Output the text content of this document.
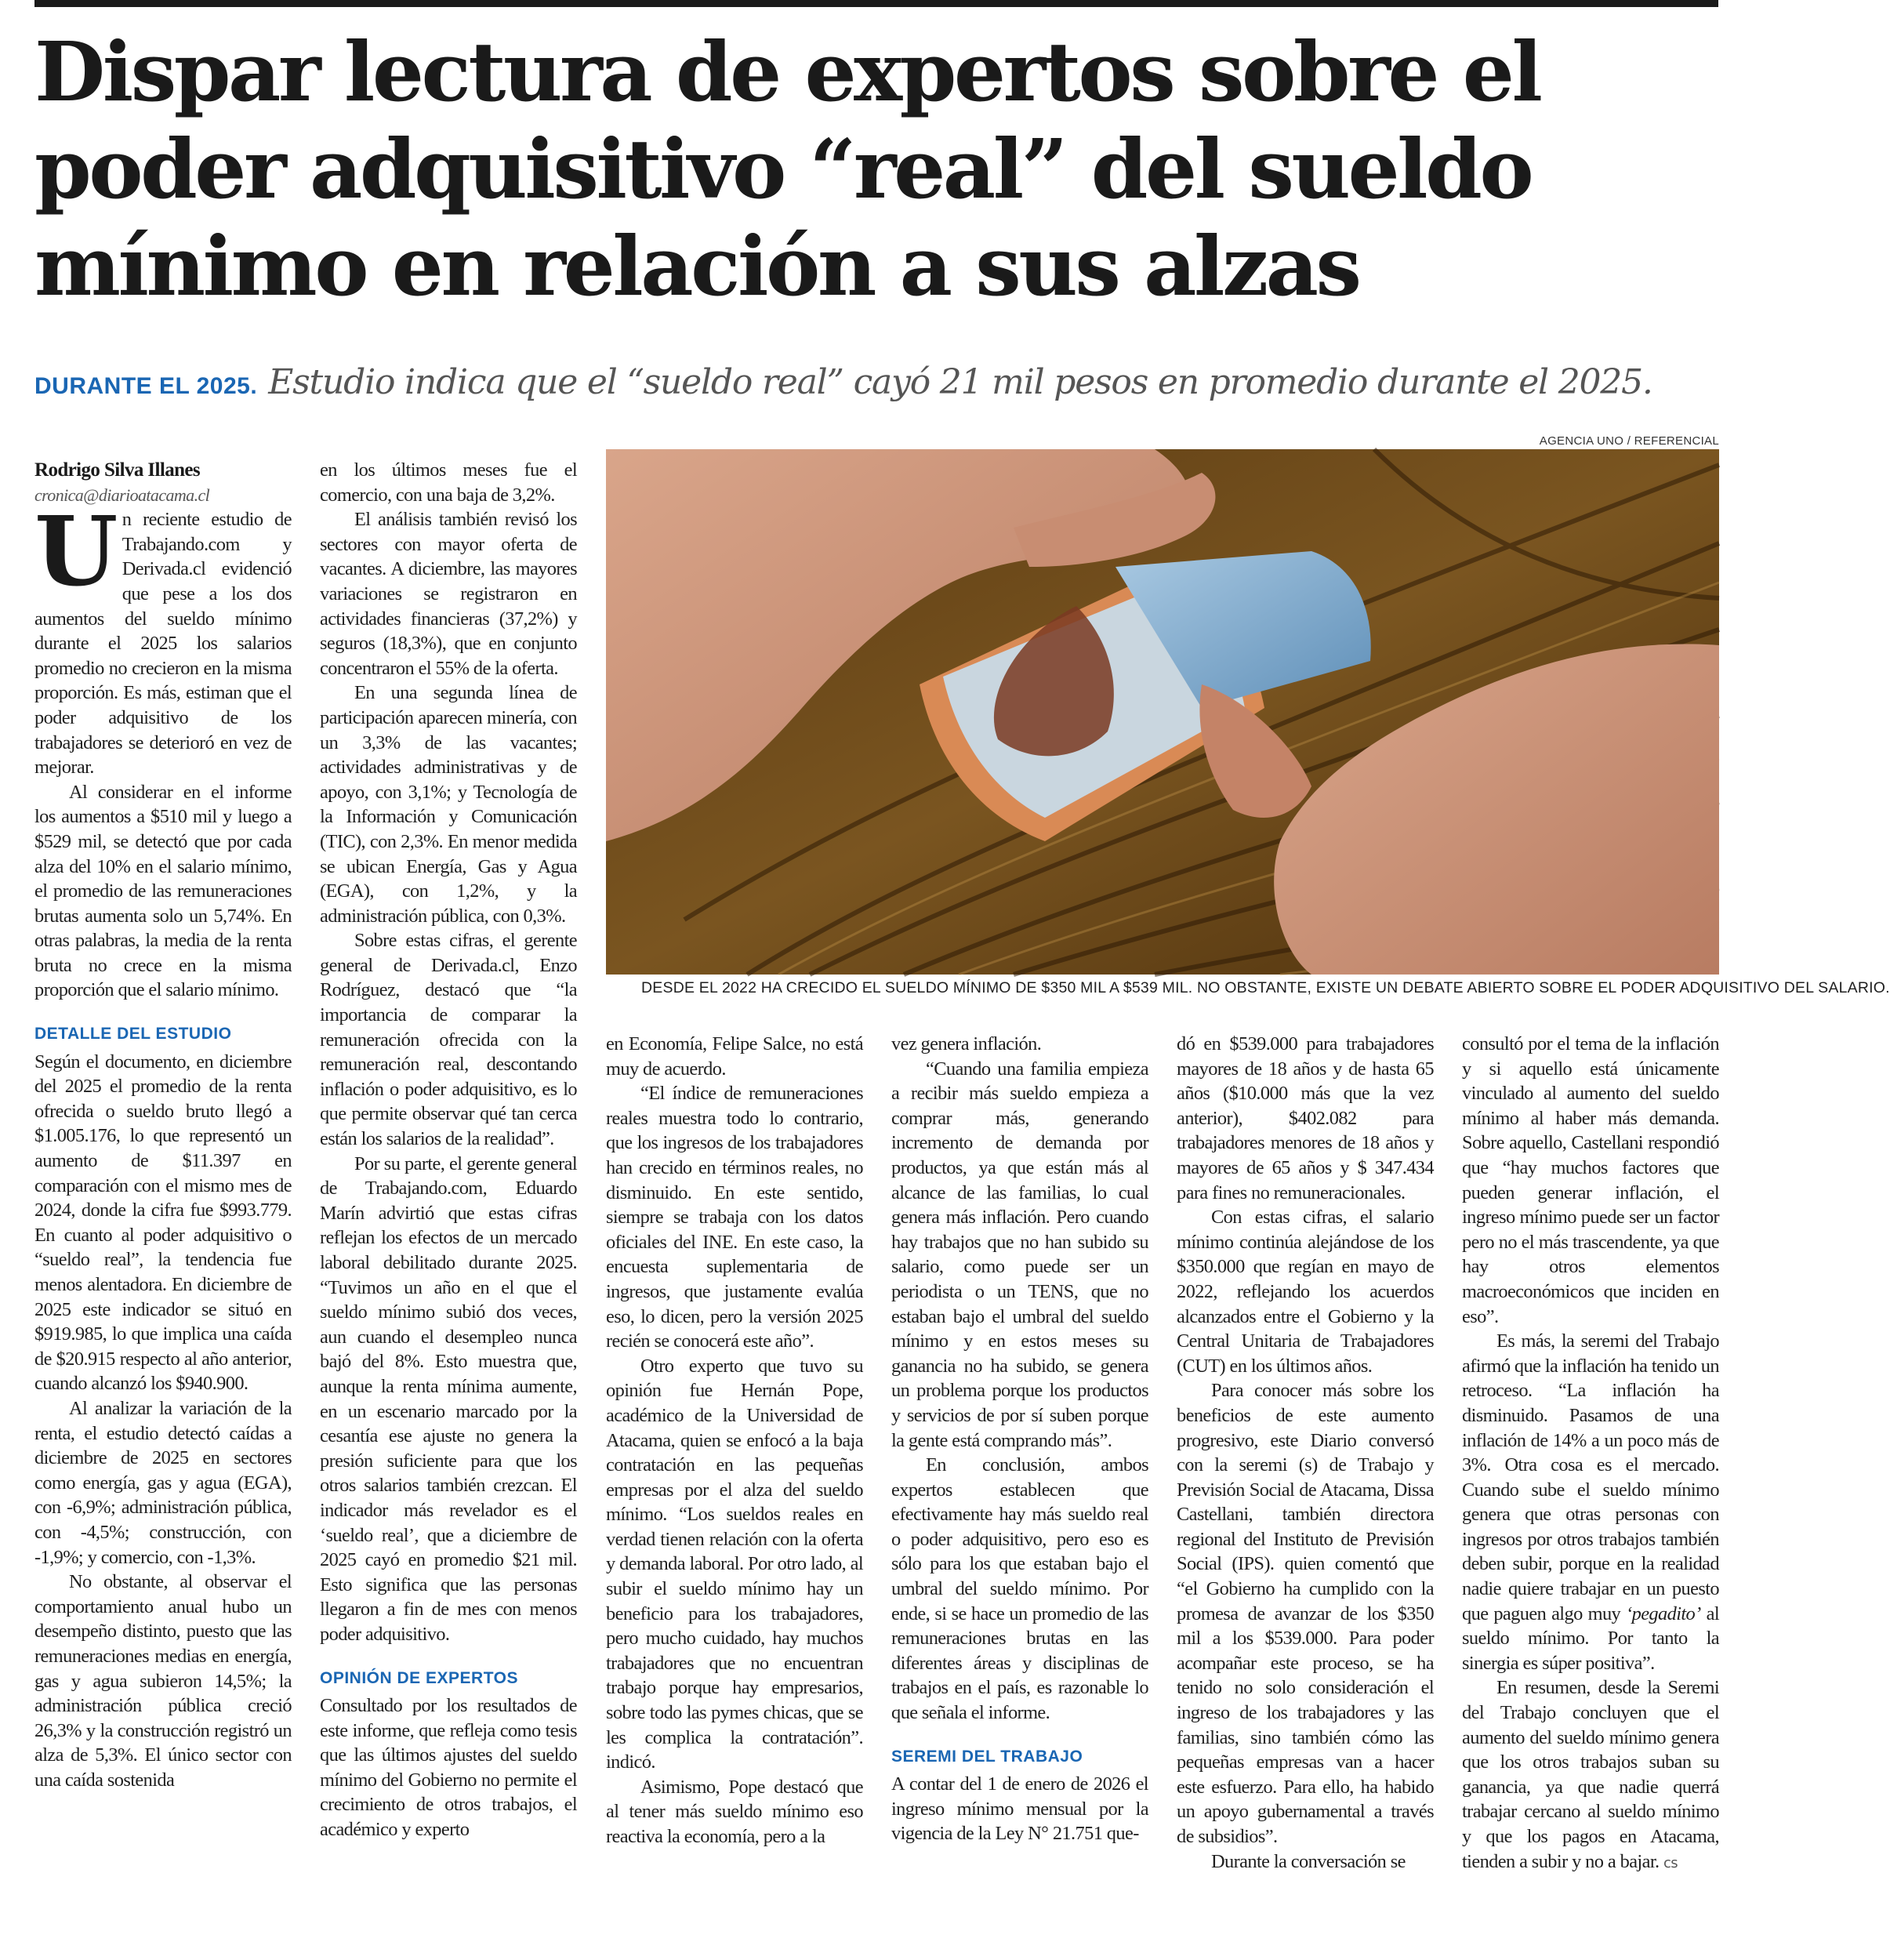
Dispar lectura de expertos sobre el poder adquisitivo “real” del sueldo mínimo en relación a sus alzas
DURANTE EL 2025. Estudio indica que el “sueldo real” cayó 21 mil pesos en promedio durante el 2025.

Rodrigo Silva Illanes

cronica@diarioatacama.cl

Un reciente estudio de Trabajando.com y Derivada.cl evidenció que pese a los dos aumentos del sueldo mínimo durante el 2025 los salarios promedio no crecieron en la misma proporción. Es más, estiman que el poder adquisitivo de los trabajadores se deterioró en vez de mejorar.

Al considerar en el informe los aumentos a $510 mil y luego a $529 mil, se detectó que por cada alza del 10% en el salario mínimo, el promedio de las remuneraciones brutas aumenta solo un 5,74%. En otras palabras, la media de la renta bruta no crece en la misma proporción que el salario mínimo.

DETALLE DEL ESTUDIO

Según el documento, en diciembre del 2025 el promedio de la renta ofrecida o sueldo bruto llegó a $1.005.176, lo que representó un aumento de $11.397 en comparación con el mismo mes de 2024, donde la cifra fue $993.779. En cuanto al poder adquisitivo o “sueldo real”, la tendencia fue menos alentadora. En diciembre de 2025 este indicador se situó en $919.985, lo que implica una caída de $20.915 respecto al año anterior, cuando alcanzó los $940.900.

Al analizar la variación de la renta, el estudio detectó caídas a diciembre de 2025 en sectores como energía, gas y agua (EGA), con -6,9%; administración pública, con -4,5%; construcción, con -1,9%; y comercio, con -1,3%.

No obstante, al observar el comportamiento anual hubo un desempeño distinto, puesto que las remuneraciones medias en energía, gas y agua subieron 14,5%; la administración pública creció 26,3% y la construcción registró un alza de 5,3%. El único sector con una caída sostenida

en los últimos meses fue el comercio, con una baja de 3,2%.

El análisis también revisó los sectores con mayor oferta de vacantes. A diciembre, las mayores variaciones se registraron en actividades financieras (37,2%) y seguros (18,3%), que en conjunto concentraron el 55% de la oferta.

En una segunda línea de participación aparecen minería, con un 3,3% de las vacantes; actividades administrativas y de apoyo, con 3,1%; y Tecnología de la Información y Comunicación (TIC), con 2,3%. En menor medida se ubican Energía, Gas y Agua (EGA), con 1,2%, y la administración pública, con 0,3%.

Sobre estas cifras, el gerente general de Derivada.cl, Enzo Rodríguez, destacó que “la importancia de comparar la remuneración ofrecida con la remuneración real, descontando inflación o poder adquisitivo, es lo que permite observar qué tan cerca están los salarios de la realidad”.

Por su parte, el gerente general de Trabajando.com, Eduardo Marín advirtió que estas cifras reflejan los efectos de un mercado laboral debilitado durante 2025. “Tuvimos un año en el que el sueldo mínimo subió dos veces, aun cuando el desempleo nunca bajó del 8%. Esto muestra que, aunque la renta mínima aumente, en un escenario marcado por la cesantía ese ajuste no genera la presión suficiente para que los otros salarios también crezcan. El indicador más revelador es el ‘sueldo real’, que a diciembre de 2025 cayó en promedio $21 mil. Esto significa que las personas llegaron a fin de mes con menos poder adquisitivo.

OPINIÓN DE EXPERTOS

Consultado por los resultados de este informe, que refleja como tesis que las últimos ajustes del sueldo mínimo del Gobierno no permite el crecimiento de otros trabajos, el académico y experto

AGENCIA UNO / REFERENCIAL
DESDE EL 2022 HA CRECIDO EL SUELDO MÍNIMO DE $350 MIL A $539 MIL. NO OBSTANTE, EXISTE UN DEBATE ABIERTO SOBRE EL PODER ADQUISITIVO DEL SALARIO.

en Economía, Felipe Salce, no está muy de acuerdo.

“El índice de remuneraciones reales muestra todo lo contrario, que los ingresos de los trabajadores han crecido en términos reales, no disminuido. En este sentido, siempre se trabaja con los datos oficiales del INE. En este caso, la encuesta suplementaria de ingresos, que justamente evalúa eso, lo dicen, pero la versión 2025 recién se conocerá este año”.

Otro experto que tuvo su opinión fue Hernán Pope, académico de la Universidad de Atacama, quien se enfocó a la baja contratación en las pequeñas empresas por el alza del sueldo mínimo. “Los sueldos reales en verdad tienen relación con la oferta y demanda laboral. Por otro lado, al subir el sueldo mínimo hay un beneficio para los trabajadores, pero mucho cuidado, hay muchos trabajadores que no encuentran trabajo porque hay empresarios, sobre todo las pymes chicas, que se les complica la contratación”. indicó.

Asimismo, Pope destacó que al tener más sueldo mínimo eso reactiva la economía, pero a la

vez genera inflación.

“Cuando una familia empieza a recibir más sueldo empieza a comprar más, generando incremento de demanda por productos, ya que están más al alcance de las familias, lo cual genera más inflación. Pero cuando hay trabajos que no han subido su salario, como puede ser un periodista o un TENS, que no estaban bajo el umbral del sueldo mínimo y en estos meses su ganancia no ha subido, se genera un problema porque los productos y servicios de por sí suben porque la gente está comprando más”.

En conclusión, ambos expertos establecen que efectivamente hay más sueldo real o poder adquisitivo, pero eso es sólo para los que estaban bajo el umbral del sueldo mínimo. Por ende, si se hace un promedio de las remuneraciones brutas en las diferentes áreas y disciplinas de trabajos en el país, es razonable lo que señala el informe.

SEREMI DEL TRABAJO

A contar del 1 de enero de 2026 el ingreso mínimo mensual por la vigencia de la Ley N° 21.751 que-

dó en $539.000 para trabajadores mayores de 18 años y de hasta 65 años ($10.000 más que la vez anterior), $402.082 para trabajadores menores de 18 años y mayores de 65 años y $ 347.434 para fines no remuneracionales.

Con estas cifras, el salario mínimo continúa alejándose de los $350.000 que regían en mayo de 2022, reflejando los acuerdos alcanzados entre el Gobierno y la Central Unitaria de Trabajadores (CUT) en los últimos años.

Para conocer más sobre los beneficios de este aumento progresivo, este Diario conversó con la seremi (s) de Trabajo y Previsión Social de Atacama, Dissa Castellani, también directora regional del Instituto de Previsión Social (IPS). quien comentó que “el Gobierno ha cumplido con la promesa de avanzar de los $350 mil a los $539.000. Para poder acompañar este proceso, se ha tenido no solo consideración el ingreso de los trabajadores y las familias, sino también cómo las pequeñas empresas van a hacer este esfuerzo. Para ello, ha habido un apoyo gubernamental a través de subsidios”.

Durante la conversación se

consultó por el tema de la inflación y si aquello está únicamente vinculado al aumento del sueldo mínimo al haber más demanda. Sobre aquello, Castellani respondió que “hay muchos factores que pueden generar inflación, el ingreso mínimo puede ser un factor pero no el más trascendente, ya que hay otros elementos macroeconómicos que inciden en eso”.

Es más, la seremi del Trabajo afirmó que la inflación ha tenido un retroceso. “La inflación ha disminuido. Pasamos de una inflación de 14% a un poco más de 3%. Otra cosa es el mercado. Cuando sube el sueldo mínimo genera que otras personas con ingresos por otros trabajos también deben subir, porque en la realidad nadie quiere trabajar en un puesto que paguen algo muy ‘pegadito’ al sueldo mínimo. Por tanto la sinergia es súper positiva”.

En resumen, desde la Seremi del Trabajo concluyen que el aumento del sueldo mínimo genera que los otros trabajos suban su ganancia, ya que nadie querrá trabajar cercano al sueldo mínimo y que los pagos en Atacama, tienden a subir y no a bajar. cs
